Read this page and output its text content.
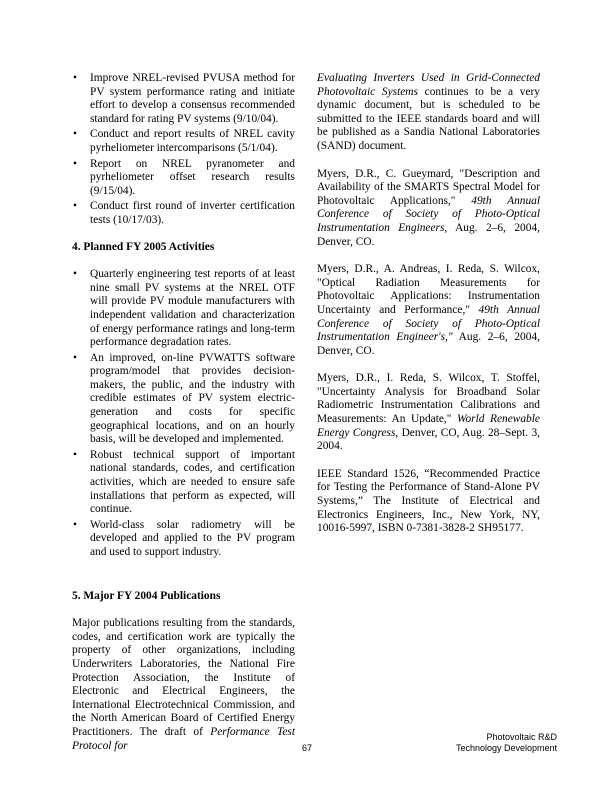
• Improve NREL-revised PVUSA method for PV system performance rating and initiate effort to develop a consensus recommended standard for rating PV systems (9/10/04).
• Conduct and report results of NREL cavity pyrheliometer intercomparisons (5/1/04).
• Report on NREL pyranometer and pyrheliometer offset research results (9/15/04).
• Conduct first round of inverter certification tests (10/17/03).
4. Planned FY 2005 Activities
• Quarterly engineering test reports of at least nine small PV systems at the NREL OTF will provide PV module manufacturers with independent validation and characterization of energy performance ratings and long-term performance degradation rates.
• An improved, on-line PVWATTS software program/model that provides decision-makers, the public, and the industry with credible estimates of PV system electric-generation and costs for specific geographical locations, and on an hourly basis, will be developed and implemented.
• Robust technical support of important national standards, codes, and certification activities, which are needed to ensure safe installations that perform as expected, will continue.
• World-class solar radiometry will be developed and applied to the PV program and used to support industry.
5. Major FY 2004 Publications

Major publications resulting from the standards, codes, and certification work are typically the property of other organizations, including Underwriters Laboratories, the National Fire Protection Association, the Institute of Electronic and Electrical Engineers, the International Electrotechnical Commission, and the North American Board of Certified Energy Practitioners. The draft of Performance Test Protocol for

Evaluating Inverters Used in Grid-Connected Photovoltaic Systems continues to be a very dynamic document, but is scheduled to be submitted to the IEEE standards board and will be published as a Sandia National Laboratories (SAND) document.

Myers, D.R., C. Gueymard, "Description and Availability of the SMARTS Spectral Model for Photovoltaic Applications," 49th Annual Conference of Society of Photo-Optical Instrumentation Engineers, Aug. 2–6, 2004, Denver, CO.

Myers, D.R., A. Andreas, I. Reda, S. Wilcox, "Optical Radiation Measurements for Photovoltaic Applications: Instrumentation Uncertainty and Performance," 49th Annual Conference of Society of Photo-Optical Instrumentation Engineer's," Aug. 2–6, 2004, Denver, CO.

Myers, D.R., I. Reda, S. Wilcox, T. Stoffel, "Uncertainty Analysis for Broadband Solar Radiometric Instrumentation Calibrations and Measurements: An Update," World Renewable Energy Congress, Denver, CO, Aug. 28–Sept. 3, 2004.

IEEE Standard 1526, “Recommended Practice for Testing the Performance of Stand-Alone PV Systems,” The Institute of Electrical and Electronics Engineers, Inc., New York, NY, 10016-5997, ISBN 0-7381-3828-2 SH95177.

67
Photovoltaic R&D
Technology Development
